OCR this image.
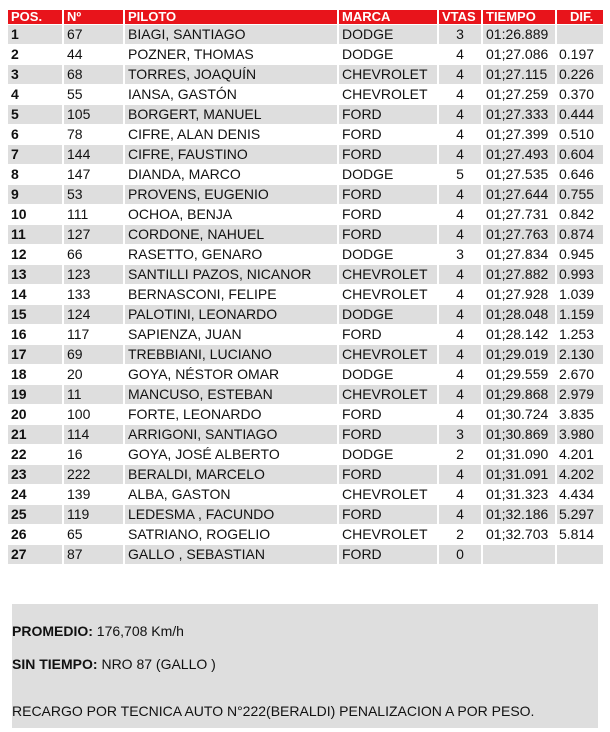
POS.	Nº	PILOTO	MARCA	VTAS	TIEMPO	DIF.
1	67	BIAGI, SANTIAGO	DODGE	3	01:26.889	
2	44	POZNER, THOMAS	DODGE	4	01;27.086	0.197
3	68	TORRES, JOAQUÍN	CHEVROLET	4	01;27.115	0.226
4	55	IANSA, GASTÓN	CHEVROLET	4	01;27.259	0.370
5	105	BORGERT, MANUEL	FORD	4	01;27.333	0.444
6	78	CIFRE, ALAN DENIS	FORD	4	01;27.399	0.510
7	144	CIFRE, FAUSTINO	FORD	4	01;27.493	0.604
8	147	DIANDA, MARCO	DODGE	5	01;27.535	0.646
9	53	PROVENS, EUGENIO	FORD	4	01;27.644	0.755
10	111	OCHOA, BENJA	FORD	4	01;27.731	0.842
11	127	CORDONE, NAHUEL	FORD	4	01;27.763	0.874
12	66	RASETTO, GENARO	DODGE	3	01;27.834	0.945
13	123	SANTILLI PAZOS, NICANOR	CHEVROLET	4	01;27.882	0.993
14	133	BERNASCONI, FELIPE	CHEVROLET	4	01;27.928	1.039
15	124	PALOTINI, LEONARDO	DODGE	4	01;28.048	1.159
16	117	SAPIENZA, JUAN	FORD	4	01;28.142	1.253
17	69	TREBBIANI, LUCIANO	CHEVROLET	4	01;29.019	2.130
18	20	GOYA, NÉSTOR OMAR	DODGE	4	01;29.559	2.670
19	11	MANCUSO, ESTEBAN	CHEVROLET	4	01;29.868	2.979
20	100	FORTE, LEONARDO	FORD	4	01;30.724	3.835
21	114	ARRIGONI, SANTIAGO	FORD	3	01;30.869	3.980
22	16	GOYA, JOSÉ ALBERTO	DODGE	2	01;31.090	4.201
23	222	BERALDI, MARCELO	FORD	4	01;31.091	4.202
24	139	ALBA, GASTON	CHEVROLET	4	01;31.323	4.434
25	119	LEDESMA , FACUNDO	FORD	4	01;32.186	5.297
26	65	SATRIANO, ROGELIO	CHEVROLET	2	01;32.703	5.814
27	87	GALLO , SEBASTIAN	FORD	0		
PROMEDIO: 176,708 Km/h
SIN TIEMPO: NRO 87 (GALLO )
RECARGO POR TECNICA AUTO N°222(BERALDI) PENALIZACION A POR PESO.
